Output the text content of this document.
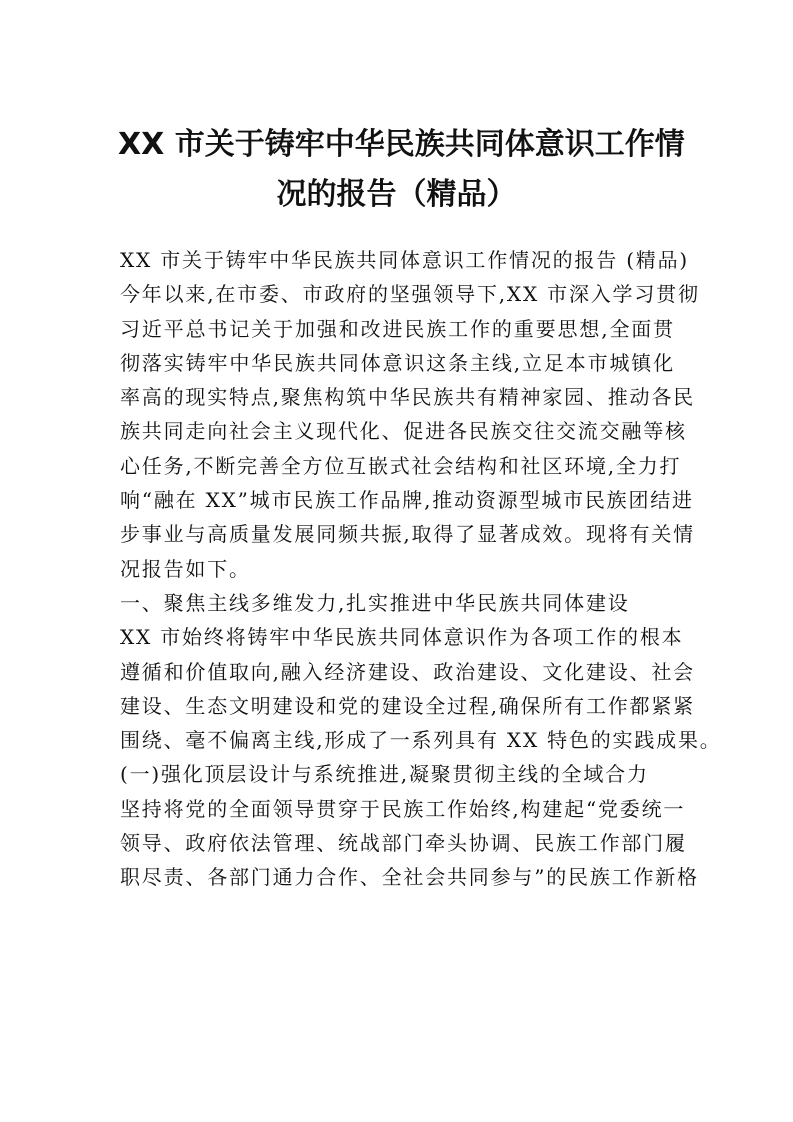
XX 市关于铸牢中华民族共同体意识工作情
况的报告（精品）
XX 市关于铸牢中华民族共同体意识工作情况的报告 (精品)
今年以来,在市委、市政府的坚强领导下,XX 市深入学习贯彻
习近平总书记关于加强和改进民族工作的重要思想,全面贯
彻落实铸牢中华民族共同体意识这条主线,立足本市城镇化
率高的现实特点,聚焦构筑中华民族共有精神家园、推动各民
族共同走向社会主义现代化、促进各民族交往交流交融等核
心任务,不断完善全方位互嵌式社会结构和社区环境,全力打
响“融在 XX”城市民族工作品牌,推动资源型城市民族团结进
步事业与高质量发展同频共振,取得了显著成效。现将有关情
况报告如下。
一、聚焦主线多维发力,扎实推进中华民族共同体建设
XX 市始终将铸牢中华民族共同体意识作为各项工作的根本
遵循和价值取向,融入经济建设、政治建设、文化建设、社会
建设、生态文明建设和党的建设全过程,确保所有工作都紧紧
围绕、毫不偏离主线,形成了一系列具有 XX 特色的实践成果。
(一)强化顶层设计与系统推进,凝聚贯彻主线的全域合力
坚持将党的全面领导贯穿于民族工作始终,构建起“党委统一
领导、政府依法管理、统战部门牵头协调、民族工作部门履
职尽责、各部门通力合作、全社会共同参与”的民族工作新格
